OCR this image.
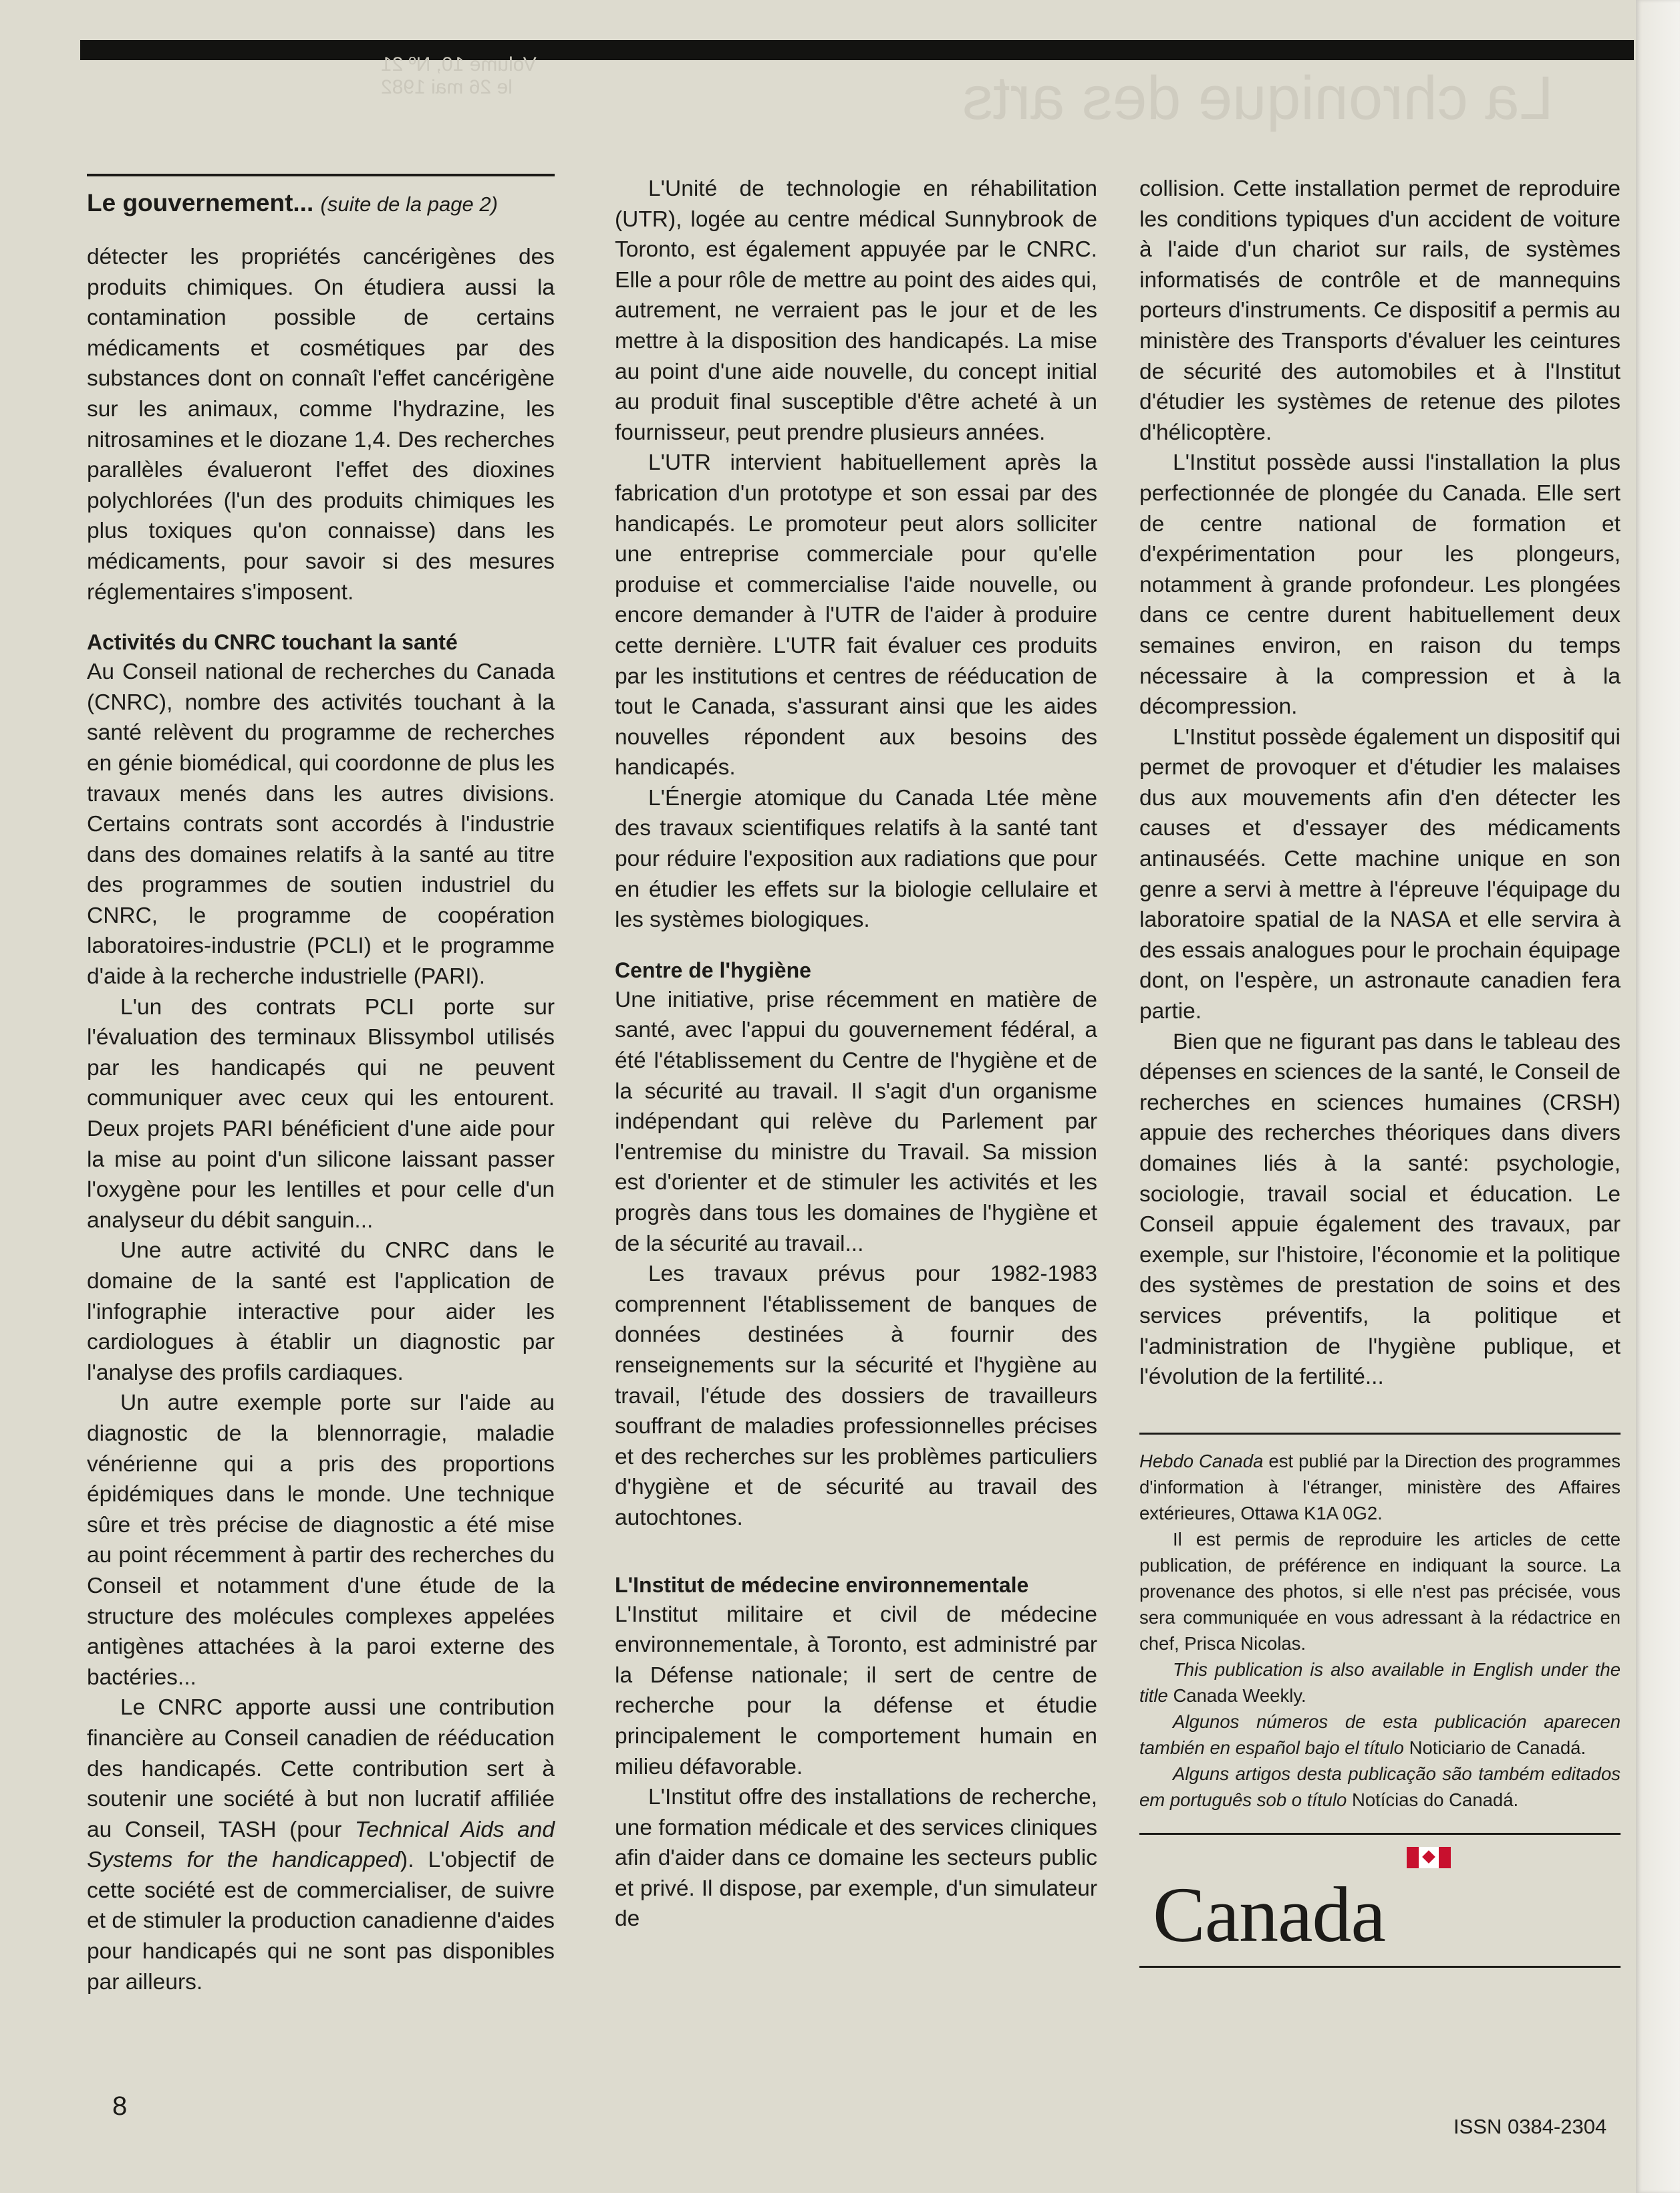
La chronique des arts
Volume 10, Nº 21
le 26 mai 1982
Le gouvernement... (suite de la page 2)

détecter les propriétés cancérigènes des produits chimiques. On étudiera aussi la contamination possible de certains médicaments et cosmétiques par des substances dont on connaît l'effet cancérigène sur les animaux, comme l'hydrazine, les nitrosamines et le diozane 1,4. Des recherches parallèles évalueront l'effet des dioxines polychlorées (l'un des produits chimiques les plus toxiques qu'on connaisse) dans les médicaments, pour savoir si des mesures réglementaires s'imposent.

Activités du CNRC touchant la santé

Au Conseil national de recherches du Canada (CNRC), nombre des activités touchant à la santé relèvent du programme de recherches en génie biomédical, qui coordonne de plus les travaux menés dans les autres divisions. Certains contrats sont accordés à l'industrie dans des domaines relatifs à la santé au titre des programmes de soutien industriel du CNRC, le programme de coopération laboratoires-industrie (PCLI) et le programme d'aide à la recherche industrielle (PARI).

L'un des contrats PCLI porte sur l'évaluation des terminaux Blissymbol utilisés par les handicapés qui ne peuvent communiquer avec ceux qui les entourent. Deux projets PARI bénéficient d'une aide pour la mise au point d'un silicone laissant passer l'oxygène pour les lentilles et pour celle d'un analyseur du débit sanguin...

Une autre activité du CNRC dans le domaine de la santé est l'application de l'infographie interactive pour aider les cardiologues à établir un diagnostic par l'analyse des profils cardiaques.

Un autre exemple porte sur l'aide au diagnostic de la blennorragie, maladie vénérienne qui a pris des proportions épidémiques dans le monde. Une technique sûre et très précise de diagnostic a été mise au point récemment à partir des recherches du Conseil et notamment d'une étude de la structure des molécules complexes appelées antigènes attachées à la paroi externe des bactéries...

Le CNRC apporte aussi une contribution financière au Conseil canadien de rééducation des handicapés. Cette contribution sert à soutenir une société à but non lucratif affiliée au Conseil, TASH (pour Technical Aids and Systems for the handicapped). L'objectif de cette société est de commercialiser, de suivre et de stimuler la production canadienne d'aides pour handicapés qui ne sont pas disponibles par ailleurs.

L'Unité de technologie en réhabilitation (UTR), logée au centre médical Sunnybrook de Toronto, est également appuyée par le CNRC. Elle a pour rôle de mettre au point des aides qui, autrement, ne verraient pas le jour et de les mettre à la disposition des handicapés. La mise au point d'une aide nouvelle, du concept initial au produit final susceptible d'être acheté à un fournisseur, peut prendre plusieurs années.

L'UTR intervient habituellement après la fabrication d'un prototype et son essai par des handicapés. Le promoteur peut alors solliciter une entreprise commerciale pour qu'elle produise et commercialise l'aide nouvelle, ou encore demander à l'UTR de l'aider à produire cette dernière. L'UTR fait évaluer ces produits par les institutions et centres de rééducation de tout le Canada, s'assurant ainsi que les aides nouvelles répondent aux besoins des handicapés.

L'Énergie atomique du Canada Ltée mène des travaux scientifiques relatifs à la santé tant pour réduire l'exposition aux radiations que pour en étudier les effets sur la biologie cellulaire et les systèmes biologiques.

Centre de l'hygiène

Une initiative, prise récemment en matière de santé, avec l'appui du gouvernement fédéral, a été l'établissement du Centre de l'hygiène et de la sécurité au travail. Il s'agit d'un organisme indépendant qui relève du Parlement par l'entremise du ministre du Travail. Sa mission est d'orienter et de stimuler les activités et les progrès dans tous les domaines de l'hygiène et de la sécurité au travail...

Les travaux prévus pour 1982-1983 comprennent l'établissement de banques de données destinées à fournir des renseignements sur la sécurité et l'hygiène au travail, l'étude des dossiers de travailleurs souffrant de maladies professionnelles précises et des recherches sur les problèmes particuliers d'hygiène et de sécurité au travail des autochtones.

L'Institut de médecine environnementale

L'Institut militaire et civil de médecine environnementale, à Toronto, est administré par la Défense nationale; il sert de centre de recherche pour la défense et étudie principalement le comportement humain en milieu défavorable.

L'Institut offre des installations de recherche, une formation médicale et des services cliniques afin d'aider dans ce domaine les secteurs public et privé. Il dispose, par exemple, d'un simulateur de

collision. Cette installation permet de reproduire les conditions typiques d'un accident de voiture à l'aide d'un chariot sur rails, de systèmes informatisés de contrôle et de mannequins porteurs d'instruments. Ce dispositif a permis au ministère des Transports d'évaluer les ceintures de sécurité des automobiles et à l'Institut d'étudier les systèmes de retenue des pilotes d'hélicoptère.

L'Institut possède aussi l'installation la plus perfectionnée de plongée du Canada. Elle sert de centre national de formation et d'expérimentation pour les plongeurs, notamment à grande profondeur. Les plongées dans ce centre durent habituellement deux semaines environ, en raison du temps nécessaire à la compression et à la décompression.

L'Institut possède également un dispositif qui permet de provoquer et d'étudier les malaises dus aux mouvements afin d'en détecter les causes et d'essayer des médicaments antinauséés. Cette machine unique en son genre a servi à mettre à l'épreuve l'équipage du laboratoire spatial de la NASA et elle servira à des essais analogues pour le prochain équipage dont, on l'espère, un astronaute canadien fera partie.

Bien que ne figurant pas dans le tableau des dépenses en sciences de la santé, le Conseil de recherches en sciences humaines (CRSH) appuie des recherches théoriques dans divers domaines liés à la santé: psychologie, sociologie, travail social et éducation. Le Conseil appuie également des travaux, par exemple, sur l'histoire, l'économie et la politique des systèmes de prestation de soins et des services préventifs, la politique et l'administration de l'hygiène publique, et l'évolution de la fertilité...

Hebdo Canada est publié par la Direction des programmes d'information à l'étranger, ministère des Affaires extérieures, Ottawa K1A 0G2.

Il est permis de reproduire les articles de cette publication, de préférence en indiquant la source. La provenance des photos, si elle n'est pas précisée, vous sera communiquée en vous adressant à la rédactrice en chef, Prisca Nicolas.

This publication is also available in English under the title Canada Weekly.

Algunos números de esta publicación aparecen también en español bajo el título Noticiario de Canadá.

Alguns artigos desta publicação são também editados em português sob o título Notícias do Canadá.

Canada
ISSN 0384-2304
8
